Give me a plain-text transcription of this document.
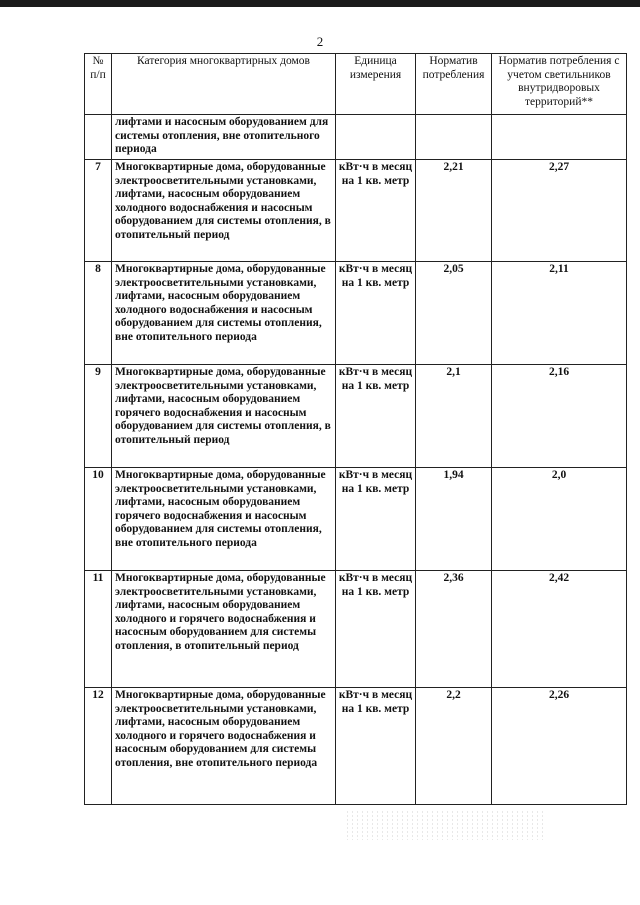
2
№ п/п	Категория многоквартирных домов	Единица измерения	Норматив потребления	Норматив потребления с учетом светильников внутридворовых территорий**
	лифтами и насосным оборудованием для системы отопления, вне отопительного периода			
7	Многоквартирные дома, оборудованные электроосветительными установками, лифтами, насосным оборудованием холодного водоснабжения и насосным оборудованием для системы отопления, в отопительный период	кВт·ч в месяц на 1 кв. метр	2,21	2,27
8	Многоквартирные дома, оборудованные электроосветительными установками, лифтами, насосным оборудованием холодного водоснабжения и насосным оборудованием для системы отопления, вне отопительного периода	кВт·ч в месяц на 1 кв. метр	2,05	2,11
9	Многоквартирные дома, оборудованные электроосветительными установками, лифтами, насосным оборудованием горячего водоснабжения и насосным оборудованием для системы отопления, в отопительный период	кВт·ч в месяц на 1 кв. метр	2,1	2,16
10	Многоквартирные дома, оборудованные электроосветительными установками, лифтами, насосным оборудованием горячего водоснабжения и насосным оборудованием для системы отопления, вне отопительного периода	кВт·ч в месяц на 1 кв. метр	1,94	2,0
11	Многоквартирные дома, оборудованные электроосветительными установками, лифтами, насосным оборудованием холодного и горячего водоснабжения и насосным оборудованием для системы отопления, в отопительный период	кВт·ч в месяц на 1 кв. метр	2,36	2,42
12	Многоквартирные дома, оборудованные электроосветительными установками, лифтами, насосным оборудованием холодного и горячего водоснабжения и насосным оборудованием для системы отопления, вне отопительного периода	кВт·ч в месяц на 1 кв. метр	2,2	2,26
